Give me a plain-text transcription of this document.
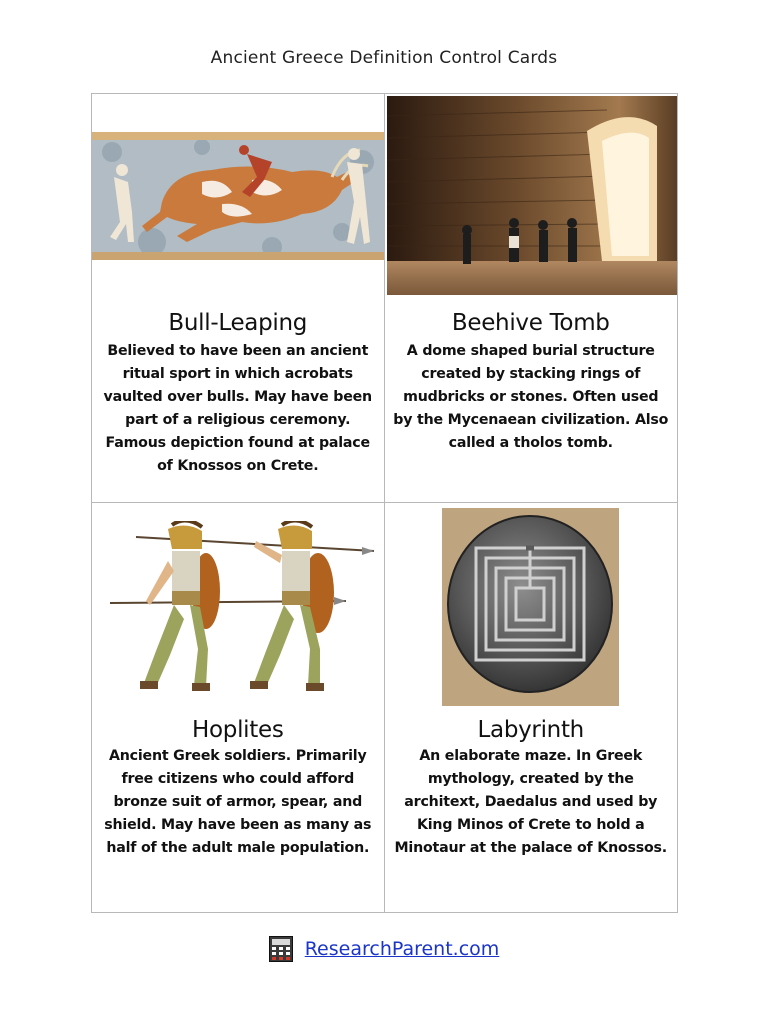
Ancient Greece Definition Control Cards
Bull-Leaping
Believed to have been an ancient ritual sport in which acrobats vaulted over bulls. May have been part of a religious ceremony. Famous depiction found at palace of Knossos on Crete.
Beehive Tomb
A dome shaped burial structure created by stacking rings of mudbricks or stones. Often used by the Mycenaean civilization. Also called a tholos tomb.
Hoplites
Ancient Greek soldiers. Primarily free citizens who could afford bronze suit of armor, spear, and shield. May have been as many as half of the adult male population.
Labyrinth
An elaborate maze. In Greek mythology, created by the architext, Daedalus and used by King Minos of Crete to hold a Minotaur at the palace of Knossos.
ResearchParent.com
